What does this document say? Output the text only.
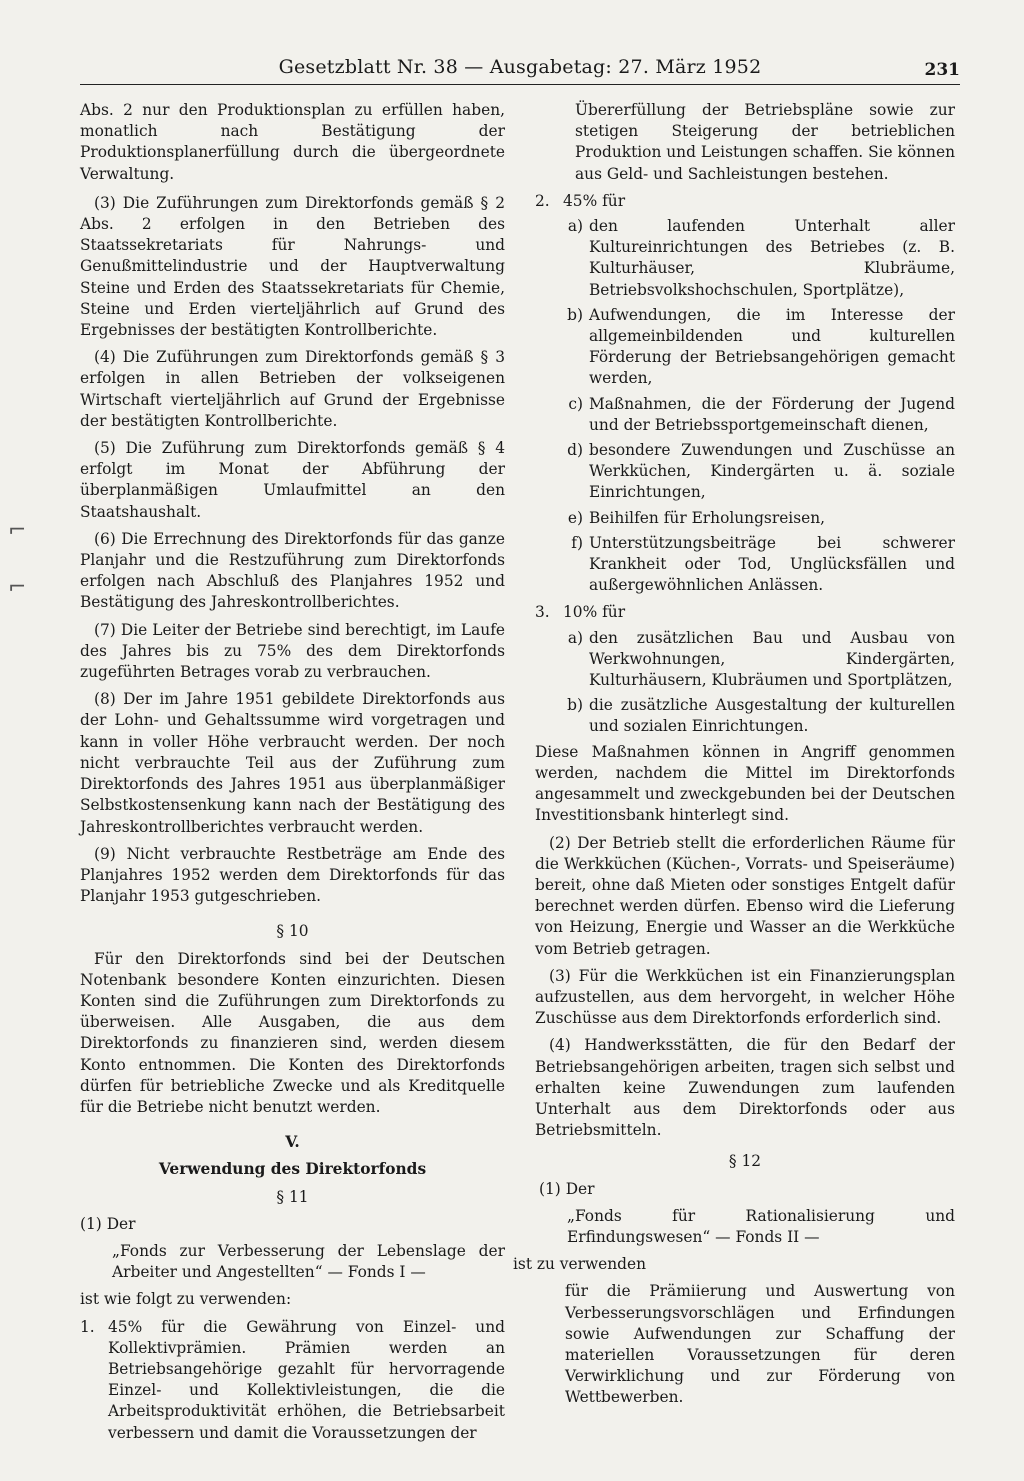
Gesetzblatt Nr. 38 — Ausgabetag: 27. März 1952	231
⌐
⌐

Abs. 2 nur den Produktionsplan zu erfüllen haben, monatlich nach Bestätigung der Produktionsplanerfüllung durch die übergeordnete Verwaltung.

(3) Die Zuführungen zum Direktorfonds gemäß § 2 Abs. 2 erfolgen in den Betrieben des Staatssekretariats für Nahrungs- und Genußmittelindustrie und der Hauptverwaltung Steine und Erden des Staatssekretariats für Chemie, Steine und Erden vierteljährlich auf Grund des Ergebnisses der bestätigten Kontrollberichte.

(4) Die Zuführungen zum Direktorfonds gemäß § 3 erfolgen in allen Betrieben der volkseigenen Wirtschaft vierteljährlich auf Grund der Ergebnisse der bestätigten Kontrollberichte.

(5) Die Zuführung zum Direktorfonds gemäß § 4 erfolgt im Monat der Abführung der überplanmäßigen Umlaufmittel an den Staatshaushalt.

(6) Die Errechnung des Direktorfonds für das ganze Planjahr und die Restzuführung zum Direktorfonds erfolgen nach Abschluß des Planjahres 1952 und Bestätigung des Jahreskontrollberichtes.

(7) Die Leiter der Betriebe sind berechtigt, im Laufe des Jahres bis zu 75% des dem Direktorfonds zugeführten Betrages vorab zu verbrauchen.

(8) Der im Jahre 1951 gebildete Direktorfonds aus der Lohn- und Gehaltssumme wird vorgetragen und kann in voller Höhe verbraucht werden. Der noch nicht verbrauchte Teil aus der Zuführung zum Direktorfonds des Jahres 1951 aus überplanmäßiger Selbstkostensenkung kann nach der Bestätigung des Jahreskontrollberichtes verbraucht werden.

(9) Nicht verbrauchte Restbeträge am Ende des Planjahres 1952 werden dem Direktorfonds für das Planjahr 1953 gutgeschrieben.

§ 10

Für den Direktorfonds sind bei der Deutschen Notenbank besondere Konten einzurichten. Diesen Konten sind die Zuführungen zum Direktorfonds zu überweisen. Alle Ausgaben, die aus dem Direktorfonds zu finanzieren sind, werden diesem Konto entnommen. Die Konten des Direktorfonds dürfen für betriebliche Zwecke und als Kreditquelle für die Betriebe nicht benutzt werden.

V.

Verwendung des Direktorfonds

§ 11

(1) Der

„Fonds zur Verbesserung der Lebenslage der Arbeiter und Angestellten“ — Fonds I —

ist wie folgt zu verwenden:

1. 45% für die Gewährung von Einzel- und Kollektivprämien. Prämien werden an Betriebsangehörige gezahlt für hervorragende Einzel- und Kollektivleistungen, die die Arbeitsproduktivität erhöhen, die Betriebsarbeit verbessern und damit die Voraussetzungen der

Übererfüllung der Betriebspläne sowie zur stetigen Steigerung der betrieblichen Produktion und Leistungen schaffen. Sie können aus Geld- und Sachleistungen bestehen.

2. 45% für
a) den laufenden Unterhalt aller Kultureinrichtungen des Betriebes (z. B. Kulturhäuser, Klubräume, Betriebsvolkshochschulen, Sportplätze),
b) Aufwendungen, die im Interesse der allgemeinbildenden und kulturellen Förderung der Betriebsangehörigen gemacht werden,
c) Maßnahmen, die der Förderung der Jugend und der Betriebssportgemeinschaft dienen,
d) besondere Zuwendungen und Zuschüsse an Werkküchen, Kindergärten u. ä. soziale Einrichtungen,
e) Beihilfen für Erholungsreisen,
f) Unterstützungsbeiträge bei schwerer Krankheit oder Tod, Unglücksfällen und außergewöhnlichen Anlässen.
3. 10% für
a) den zusätzlichen Bau und Ausbau von Werkwohnungen, Kindergärten, Kulturhäusern, Klubräumen und Sportplätzen,
b) die zusätzliche Ausgestaltung der kulturellen und sozialen Einrichtungen.

Diese Maßnahmen können in Angriff genommen werden, nachdem die Mittel im Direktorfonds angesammelt und zweckgebunden bei der Deutschen Investitionsbank hinterlegt sind.

(2) Der Betrieb stellt die erforderlichen Räume für die Werkküchen (Küchen-, Vorrats- und Speiseräume) bereit, ohne daß Mieten oder sonstiges Entgelt dafür berechnet werden dürfen. Ebenso wird die Lieferung von Heizung, Energie und Wasser an die Werkküche vom Betrieb getragen.

(3) Für die Werkküchen ist ein Finanzierungsplan aufzustellen, aus dem hervorgeht, in welcher Höhe Zuschüsse aus dem Direktorfonds erforderlich sind.

(4) Handwerksstätten, die für den Bedarf der Betriebsangehörigen arbeiten, tragen sich selbst und erhalten keine Zuwendungen zum laufenden Unterhalt aus dem Direktorfonds oder aus Betriebsmitteln.

§ 12

(1) Der

„Fonds für Rationalisierung und Erfindungswesen“ — Fonds II —

ist zu verwenden

für die Prämiierung und Auswertung von Verbesserungsvorschlägen und Erfindungen sowie Aufwendungen zur Schaffung der materiellen Voraussetzungen für deren Verwirklichung und zur Förderung von Wettbewerben.
